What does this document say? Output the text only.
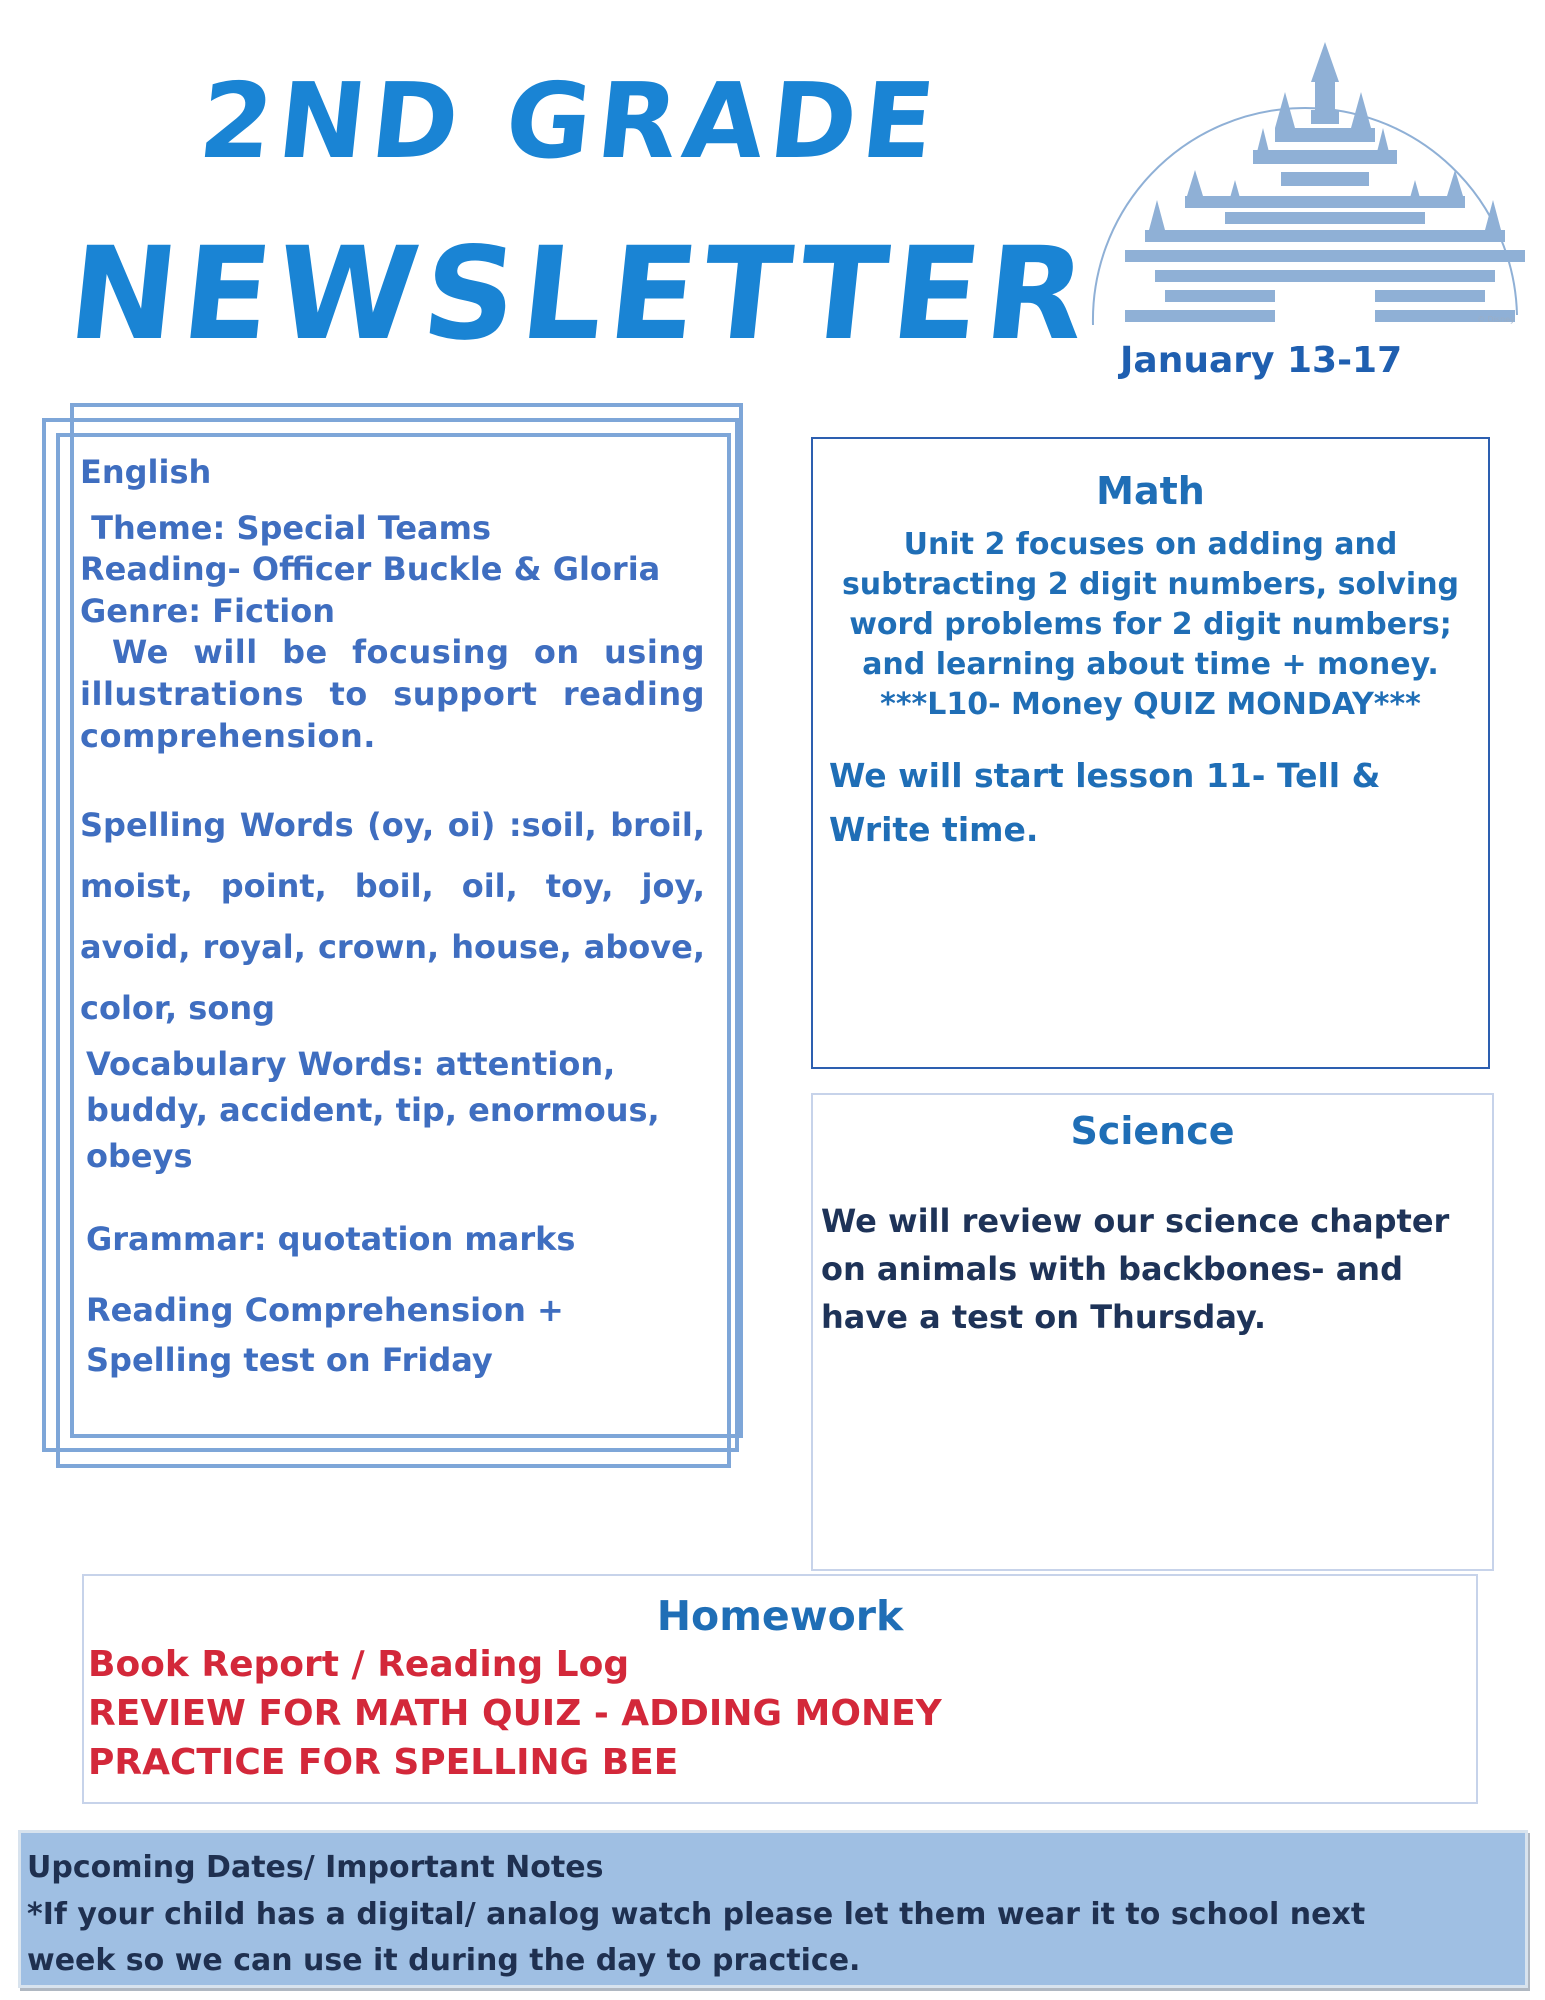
2ND GRADE
NEWSLETTER	© Disney
January 13-17

English

Theme: Special Teams

Reading- Officer Buckle & Gloria

Genre: Fiction

We will be focusing on using illustrations to support reading comprehension.

Spelling Words (oy, oi) :soil, broil, moist, point, boil, oil, toy, joy, avoid, royal, crown, house, above, color, song

Vocabulary Words: attention, buddy, accident, tip, enormous, obeys

Grammar: quotation marks

Reading Comprehension + Spelling test on Friday

Math
Unit 2 focuses on adding and subtracting 2 digit numbers, solving word problems for 2 digit numbers; and learning about time + money.
***L10- Money QUIZ MONDAY***
We will start lesson 11- Tell & Write time.
Science
We will review our science chapter on animals with backbones- and have a test on Thursday.
Homework
Book Report / Reading Log
REVIEW FOR MATH QUIZ - ADDING MONEY
PRACTICE FOR SPELLING BEE
Upcoming Dates/ Important Notes
*If your child has a digital/ analog watch please let them wear it to school next week so we can use it during the day to practice.
